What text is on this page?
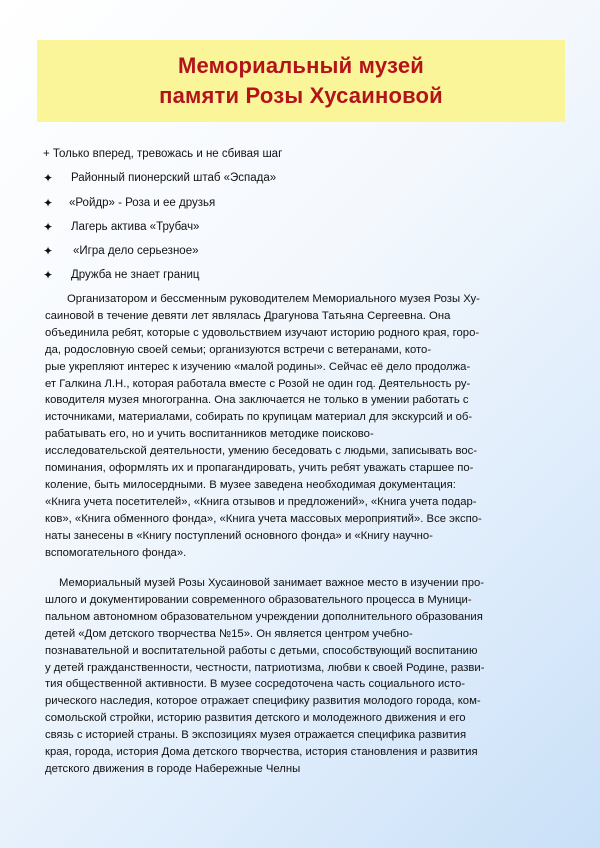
Мемориальный музей
памяти Розы Хусаиновой
+ Только вперед, тревожась и не сбивая шаг
✦	Районный пионерский штаб «Эспада»
✦	«Ройдр» - Роза и ее друзья
✦	Лагерь актива «Трубач»
✦	«Игра дело серьезное»
✦	Дружба не знает границ
Организатором и бессменным руководителем Мемориального музея Розы Ху-
саиновой в течение девяти лет являлась Драгунова Татьяна Сергеевна. Она
объединила ребят, которые с удовольствием изучают историю родного края, горо-
да, родословную своей семьи; организуются встречи с ветеранами, кото-
рые укрепляют интерес к изучению «малой родины». Сейчас её дело продолжа-
ет Галкина Л.Н., которая работала вместе с Розой не один год. Деятельность ру-
ководителя музея многогранна. Она заключается не только в умении работать с
источниками, материалами, собирать по крупицам материал для экскурсий и об-
рабатывать его, но и учить воспитанников методике поисково-
исследовательской деятельности, умению беседовать с людьми, записывать вос-
поминания, оформлять их и пропагандировать, учить ребят уважать старшее по-
коление, быть милосердными. В музее заведена необходимая документация:
«Книга учета посетителей», «Книга отзывов и предложений», «Книга учета подар-
ков», «Книга обменного фонда», «Книга учета массовых мероприятий». Все экспо-
наты занесены в «Книгу поступлений основного фонда» и «Книгу научно-
вспомогательного фонда».
Мемориальный музей Розы Хусаиновой занимает важное место в изучении про-
шлого и документировании современного образовательного процесса в Муници-
пальном автономном образовательном учреждении дополнительного образования
детей «Дом детского творчества №15». Он является центром учебно-
познавательной и воспитательной работы с детьми, способствующий воспитанию
у детей гражданственности, честности, патриотизма, любви к своей Родине, разви-
тия общественной активности. В музее сосредоточена часть социального истo-
рического наследия, которое отражает специфику развития молодого города, ком-
сомольской стройки, историю развития детского и молодежного движения и его
связь с историей страны. В экспозициях музея отражается специфика развития
края, города, история Дома детского творчества, история становления и развития
детского движения в городе Набережные Челны
